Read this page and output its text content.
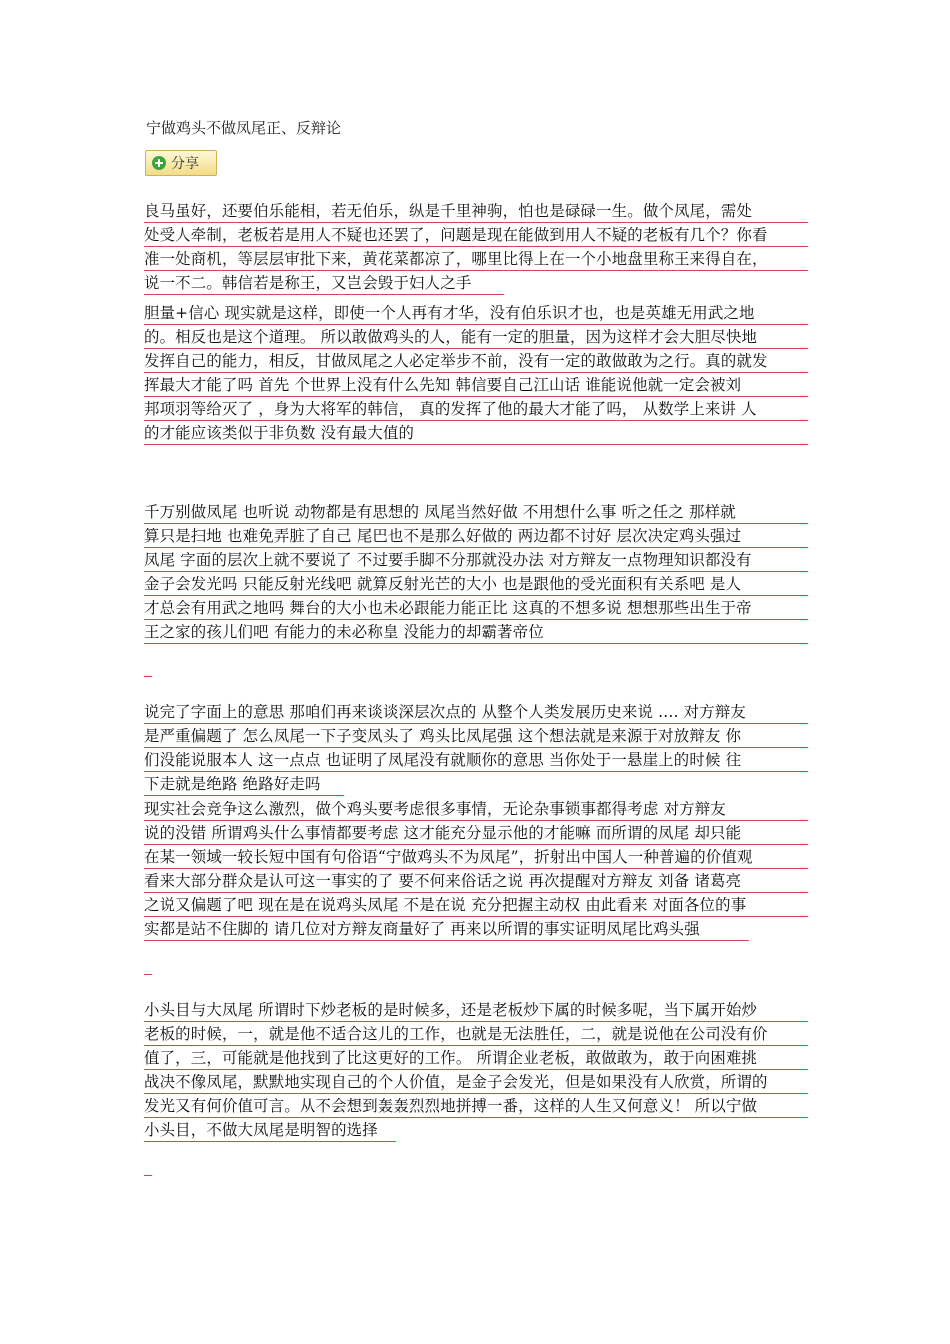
宁做鸡头不做凤尾正、反辩论
分享
良马虽好，还要伯乐能相，若无伯乐，纵是千里神驹，怕也是碌碌一生。做个凤尾，需处
处受人牵制，老板若是用人不疑也还罢了，问题是现在能做到用人不疑的老板有几个？你看
准一处商机，等层层审批下来，黄花菜都凉了，哪里比得上在一个小地盘里称王来得自在，
说一不二。韩信若是称王，又岂会毁于妇人之手
胆量+信心 现实就是这样，即使一个人再有才华，没有伯乐识才也，也是英雄无用武之地
的。相反也是这个道理。 所以敢做鸡头的人，能有一定的胆量，因为这样才会大胆尽快地
发挥自己的能力，相反，甘做凤尾之人必定举步不前，没有一定的敢做敢为之行。真的就发
挥最大才能了吗 首先 个世界上没有什么先知 韩信要自己江山话 谁能说他就一定会被刘
邦项羽等给灭了 ，身为大将军的韩信， 真的发挥了他的最大才能了吗， 从数学上来讲 人
的才能应该类似于非负数 没有最大值的
千万别做凤尾 也听说 动物都是有思想的 凤尾当然好做 不用想什么事 听之任之 那样就
算只是扫地 也难免弄脏了自己 尾巴也不是那么好做的 两边都不讨好 层次决定鸡头强过
凤尾 字面的层次上就不要说了 不过要手脚不分那就没办法 对方辩友一点物理知识都没有
金子会发光吗 只能反射光线吧 就算反射光芒的大小 也是跟他的受光面积有关系吧 是人
才总会有用武之地吗 舞台的大小也未必跟能力能正比 这真的不想多说 想想那些出生于帝
王之家的孩儿们吧 有能力的未必称皇 没能力的却霸著帝位
说完了字面上的意思 那咱们再来谈谈深层次点的 从整个人类发展历史来说 .... 对方辩友
是严重偏题了 怎么凤尾一下子变凤头了 鸡头比凤尾强 这个想法就是来源于对放辩友 你
们没能说服本人 这一点点 也证明了凤尾没有就顺你的意思 当你处于一悬崖上的时候 往
下走就是绝路 绝路好走吗
现实社会竞争这么激烈，做个鸡头要考虑很多事情，无论杂事锁事都得考虑 对方辩友
说的没错 所谓鸡头什么事情都要考虑 这才能充分显示他的才能嘛 而所谓的凤尾 却只能
在某一领域一较长短中国有句俗语“宁做鸡头不为凤尾”，折射出中国人一种普遍的价值观
看来大部分群众是认可这一事实的了 要不何来俗话之说 再次提醒对方辩友 刘备 诸葛亮
之说又偏题了吧 现在是在说鸡头凤尾 不是在说 充分把握主动权 由此看来 对面各位的事
实都是站不住脚的 请几位对方辩友商量好了 再来以所谓的事实证明凤尾比鸡头强
小头目与大凤尾 所谓时下炒老板的是时候多，还是老板炒下属的时候多呢，当下属开始炒
老板的时候，一，就是他不适合这儿的工作，也就是无法胜任，二，就是说他在公司没有价
值了，三，可能就是他找到了比这更好的工作。 所谓企业老板，敢做敢为，敢于向困难挑
战决不像凤尾，默默地实现自己的个人价值，是金子会发光，但是如果没有人欣赏，所谓的
发光又有何价值可言。从不会想到轰轰烈烈地拼搏一番，这样的人生又何意义！ 所以宁做
小头目，不做大凤尾是明智的选择
